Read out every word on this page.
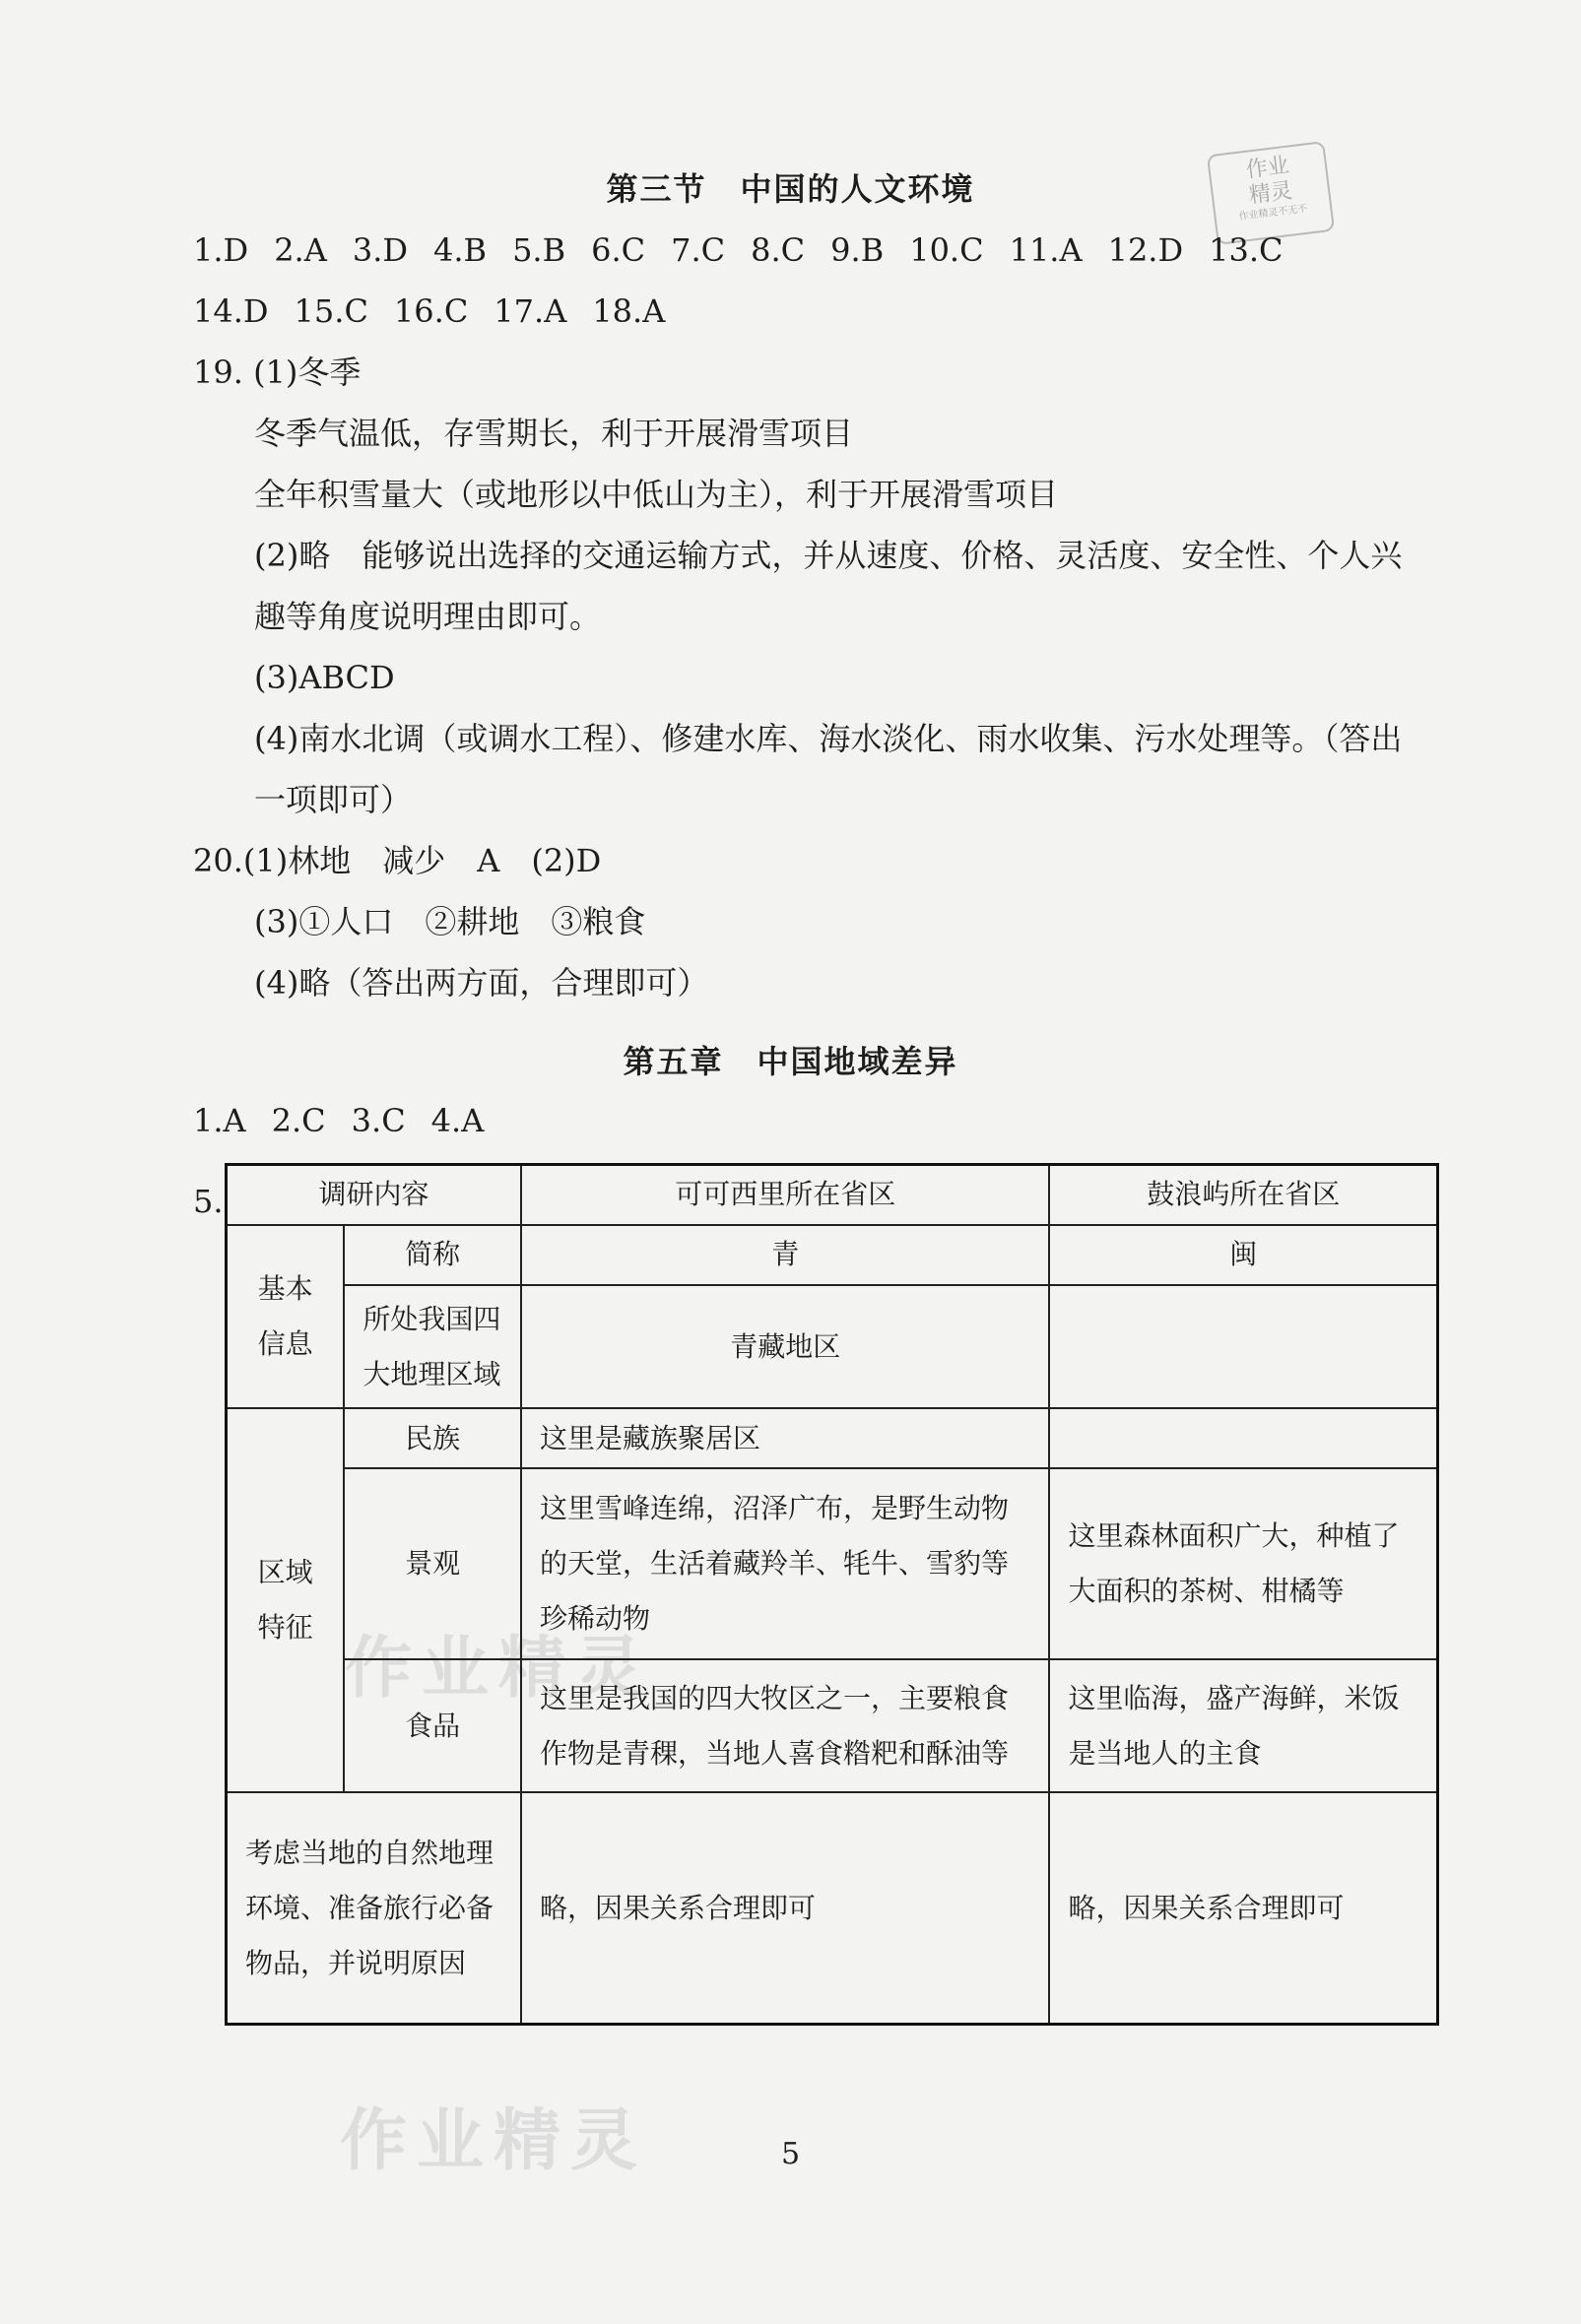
作业
精灵
作业精灵不无不
作业精灵
作业精灵
第三节　中国的人文环境
1.D 2.A 3.D 4.B 5.B 6.C 7.C 8.C 9.B 10.C 11.A 12.D 13.C
14.D 15.C 16.C 17.A 18.A
19. (1)冬季
冬季气温低，存雪期长，利于开展滑雪项目
全年积雪量大（或地形以中低山为主），利于开展滑雪项目
(2)略　能够说出选择的交通运输方式，并从速度、价格、灵活度、安全性、个人兴
趣等角度说明理由即可。
(3)ABCD
(4)南水北调（或调水工程）、修建水库、海水淡化、雨水收集、污水处理等。（答出
一项即可）
20.(1)林地　减少　A　(2)D
(3)①人口　②耕地　③粮食
(4)略（答出两方面，合理即可）
第五章　中国地域差异
1.A 2.C 3.C 4.A
5.	调研内容		可可西里所在省区	鼓浪屿所在省区
基本信息	简称	青	闽
	所处我国四大地理区域	青藏地区	
区域特征	民族	这里是藏族聚居区	
	景观	这里雪峰连绵，沼泽广布，是野生动物的天堂，生活着藏羚羊、牦牛、雪豹等珍稀动物	这里森林面积广大，种植了大面积的茶树、柑橘等
	食品	这里是我国的四大牧区之一，主要粮食作物是青稞，当地人喜食糌粑和酥油等	这里临海，盛产海鲜，米饭是当地人的主食
考虑当地的自然地理环境、准备旅行必备物品，并说明原因		略，因果关系合理即可	略，因果关系合理即可
5
